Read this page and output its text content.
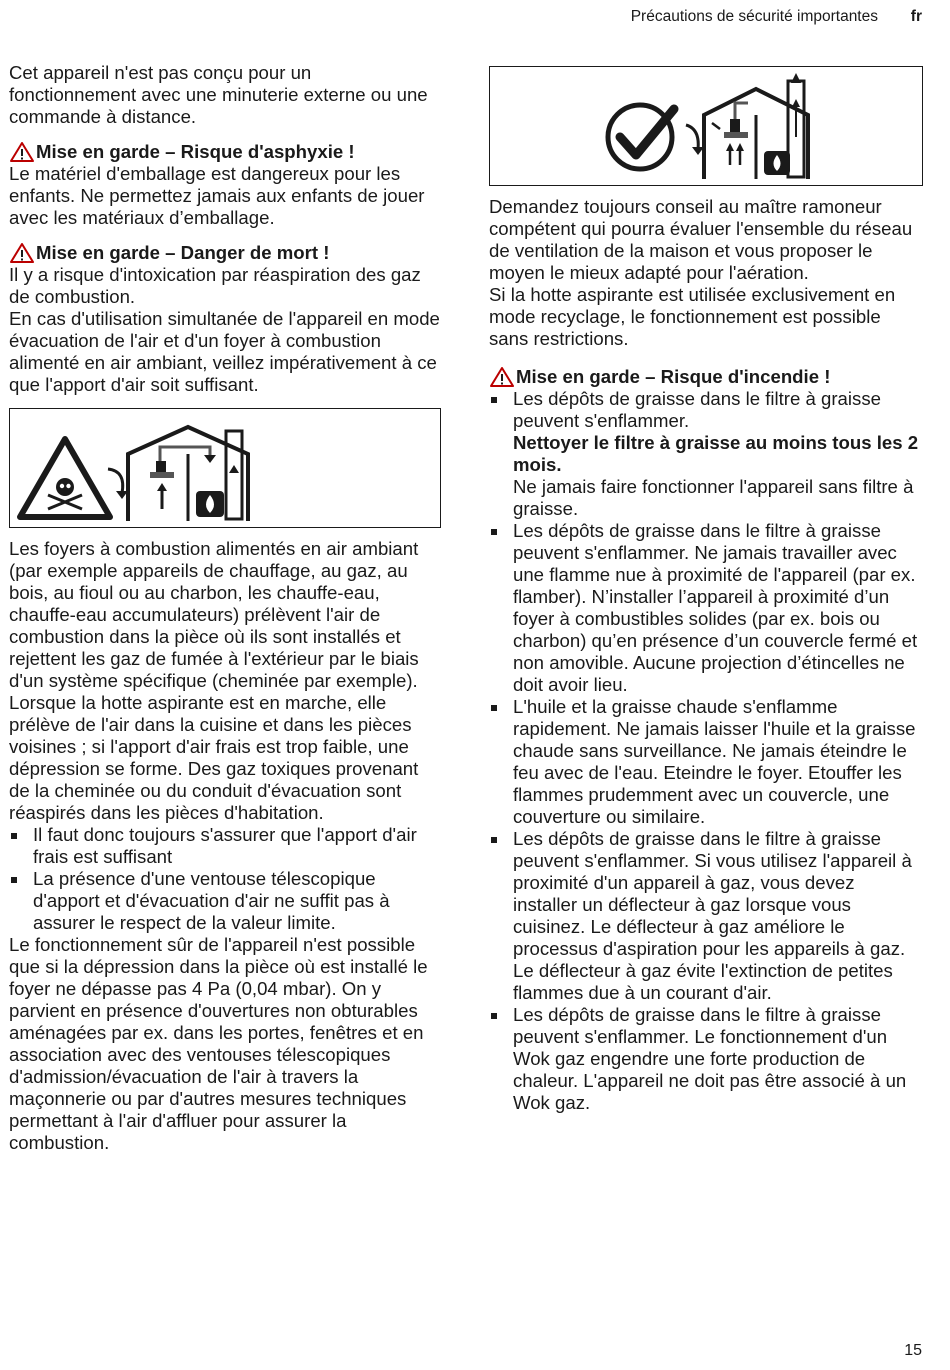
Précautions de sécurité importantes fr

Cet appareil n'est pas conçu pour un fonctionnement avec une minuterie externe ou une commande à distance.

Mise en garde – Risque d'asphyxie !

Le matériel d'emballage est dangereux pour les enfants. Ne permettez jamais aux enfants de jouer avec les matériaux d’emballage.

Mise en garde – Danger de mort !

Il y a risque d'intoxication par réaspiration des gaz de combustion.

En cas d'utilisation simultanée de l'appareil en mode évacuation de l'air et d'un foyer à combustion alimenté en air ambiant, veillez impérativement à ce que l'apport d'air soit suffisant.

Les foyers à combustion alimentés en air ambiant (par exemple appareils de chauffage, au gaz, au bois, au fioul ou au charbon, les chauffe-eau, chauffe-eau accumulateurs) prélèvent l'air de combustion dans la pièce où ils sont installés et rejettent les gaz de fumée à l'extérieur par le biais d'un système spécifique (cheminée par exemple).

Lorsque la hotte aspirante est en marche, elle prélève de l'air dans la cuisine et dans les pièces voisines ; si l'apport d'air frais est trop faible, une dépression se forme. Des gaz toxiques provenant de la cheminée ou du conduit d'évacuation sont réaspirés dans les pièces d'habitation.

Il faut donc toujours s'assurer que l'apport d'air frais est suffisant
La présence d'une ventouse télescopique d'apport et d'évacuation d'air ne suffit pas à assurer le respect de la valeur limite.

Le fonctionnement sûr de l'appareil n'est possible que si la dépression dans la pièce où est installé le foyer ne dépasse pas 4 Pa (0,04 mbar). On y parvient en présence d'ouvertures non obturables aménagées par ex. dans les portes, fenêtres et en association avec des ventouses télescopiques d'admission/évacuation de l'air à travers la maçonnerie ou par d'autres mesures techniques permettant à l'air d'affluer pour assurer la combustion.

Demandez toujours conseil au maître ramoneur compétent qui pourra évaluer l'ensemble du réseau de ventilation de la maison et vous proposer le moyen le mieux adapté pour l'aération.

Si la hotte aspirante est utilisée exclusivement en mode recyclage, le fonctionnement est possible sans restrictions.

Mise en garde – Risque d'incendie !
Les dépôts de graisse dans le filtre à graisse peuvent s'enflammer.
Nettoyer le filtre à graisse au moins tous les 2 mois.
Ne jamais faire fonctionner l'appareil sans filtre à graisse.
Les dépôts de graisse dans le filtre à graisse peuvent s'enflammer. Ne jamais travailler avec une flamme nue à proximité de l'appareil (par ex. flamber). N’installer l’appareil à proximité d’un foyer à combustibles solides (par ex. bois ou charbon) qu’en présence d’un couvercle fermé et non amovible. Aucune projection d’étincelles ne doit avoir lieu.
L'huile et la graisse chaude s'enflamme rapidement. Ne jamais laisser l'huile et la graisse chaude sans surveillance. Ne jamais éteindre le feu avec de l'eau. Eteindre le foyer. Etouffer les flammes prudemment avec un couvercle, une couverture ou similaire.
Les dépôts de graisse dans le filtre à graisse peuvent s'enflammer. Si vous utilisez l'appareil à proximité d'un appareil à gaz, vous devez installer un déflecteur à gaz lorsque vous cuisinez. Le déflecteur à gaz améliore le processus d'aspiration pour les appareils à gaz. Le déflecteur à gaz évite l'extinction de petites flammes due à un courant d'air.
Les dépôts de graisse dans le filtre à graisse peuvent s'enflammer. Le fonctionnement d'un Wok gaz engendre une forte production de chaleur. L'appareil ne doit pas être associé à un Wok gaz.
15
